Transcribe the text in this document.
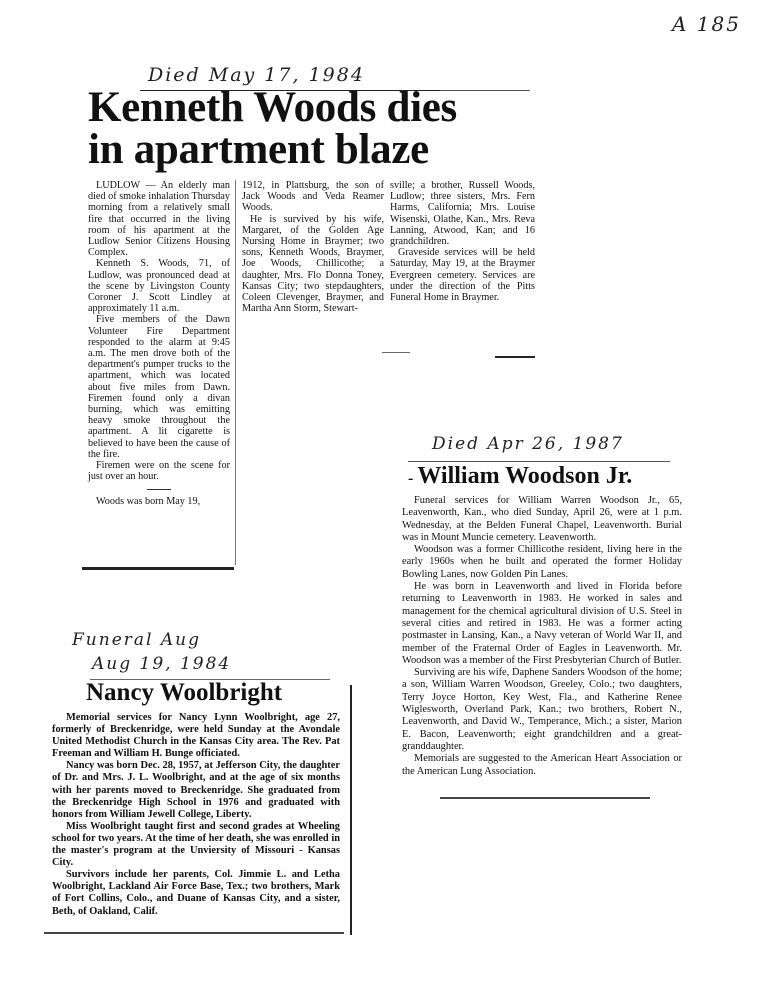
A 185
Died May 17, 1984
Kenneth Woods dies
in apartment blaze

LUDLOW — An elderly man died of smoke inhalation Thursday morning from a relatively small fire that occurred in the living room of his apartment at the Ludlow Senior Citizens Housing Complex.

Kenneth S. Woods, 71, of Ludlow, was pronounced dead at the scene by Livingston County Coroner J. Scott Lindley at approximately 11 a.m.

Five members of the Dawn Volunteer Fire Department responded to the alarm at 9:45 a.m. The men drove both of the department's pumper trucks to the apartment, which was located about five miles from Dawn. Firemen found only a divan burning, which was emitting heavy smoke throughout the apartment. A lit cigarette is believed to have been the cause of the fire.

Firemen were on the scene for just over an hour.

Woods was born May 19,

1912, in Plattsburg, the son of Jack Woods and Veda Reamer Woods.

He is survived by his wife, Margaret, of the Golden Age Nursing Home in Braymer; two sons, Kenneth Woods, Braymer, Joe Woods, Chillicothe; a daughter, Mrs. Flo Donna Toney, Kansas City; two stepdaughters, Coleen Clevenger, Braymer, and Martha Ann Storm, Stewart-

sville; a brother, Russell Woods, Ludlow; three sisters, Mrs. Fern Harms, California; Mrs. Louise Wisenski, Olathe, Kan., Mrs. Reva Lanning, Atwood, Kan; and 16 grandchildren.

Graveside services will be held Saturday, May 19, at the Braymer Evergreen cemetery. Services are under the direction of the Pitts Funeral Home in Braymer.

Died Apr 26, 1987
- William Woodson Jr.

Funeral services for William Warren Woodson Jr., 65, Leavenworth, Kan., who died Sunday, April 26, were at 1 p.m. Wednesday, at the Belden Funeral Chapel, Leavenworth. Burial was in Mount Muncie cemetery. Leavenworth.

Woodson was a former Chillicothe resident, living here in the early 1960s when he built and operated the former Holiday Bowling Lanes, now Golden Pin Lanes.

He was born in Leavenworth and lived in Florida before returning to Leavenworth in 1983. He worked in sales and management for the chemical agricultural division of U.S. Steel in several cities and retired in 1983. He was a former acting postmaster in Lansing, Kan., a Navy veteran of World War II, and member of the Fraternal Order of Eagles in Leavenworth. Mr. Woodson was a member of the First Presbyterian Church of Butler.

Surviving are his wife, Daphene Sanders Woodson of the home; a son, William Warren Woodson, Greeley, Colo.; two daughters, Terry Joyce Horton, Key West, Fla., and Katherine Renee Wiglesworth, Overland Park, Kan.; two brothers, Robert N., Leavenworth, and David W., Temperance, Mich.; a sister, Marion E. Bacon, Leavenworth; eight grandchildren and a great-granddaughter.

Memorials are suggested to the American Heart Association or the American Lung Association.

Funeral Aug
Aug 19, 1984
Nancy Woolbright

Memorial services for Nancy Lynn Woolbright, age 27, formerly of Breckenridge, were held Sunday at the Avondale United Methodist Church in the Kansas City area. The Rev. Pat Freeman and William H. Bunge officiated.

Nancy was born Dec. 28, 1957, at Jefferson City, the daughter of Dr. and Mrs. J. L. Woolbright, and at the age of six months with her parents moved to Breckenridge. She graduated from the Breckenridge High School in 1976 and graduated with honors from William Jewell College, Liberty.

Miss Woolbright taught first and second grades at Wheeling school for two years. At the time of her death, she was enrolled in the master's program at the Unviersity of Missouri - Kansas City.

Survivors include her parents, Col. Jimmie L. and Letha Woolbright, Lackland Air Force Base, Tex.; two brothers, Mark of Fort Collins, Colo., and Duane of Kansas City, and a sister, Beth, of Oakland, Calif.
